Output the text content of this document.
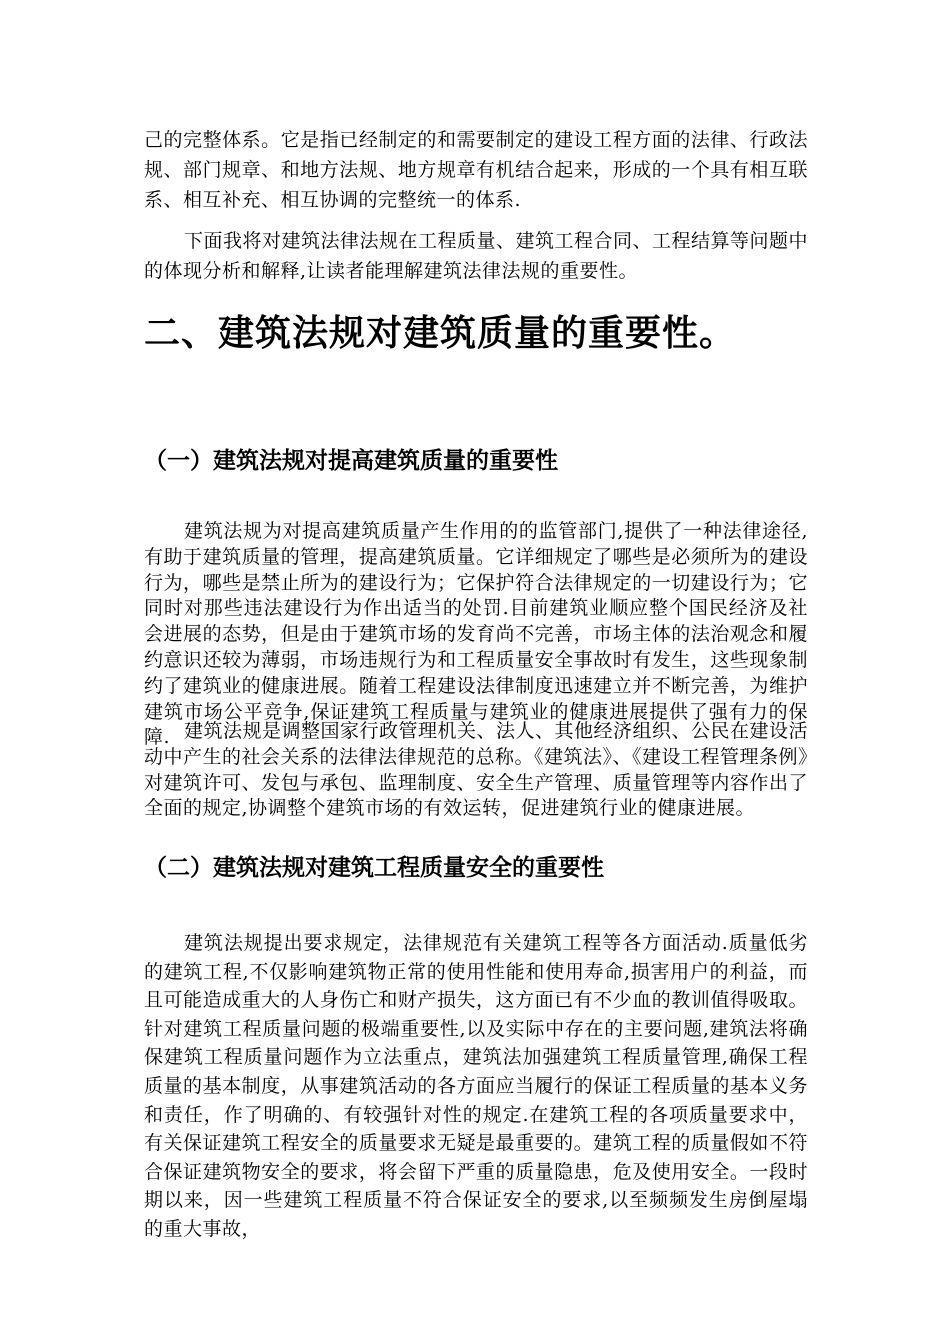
己的完整体系。它是指已经制定的和需要制定的建设工程方面的法律、行政法规、部门规章、和地方法规、地方规章有机结合起来，形成的一个具有相互联系、相互补充、相互协调的完整统一的体系.

下面我将对建筑法律法规在工程质量、建筑工程合同、工程结算等问题中的体现分析和解释,让读者能理解建筑法律法规的重要性。

二、建筑法规对建筑质量的重要性。
（一）建筑法规对提高建筑质量的重要性

建筑法规为对提高建筑质量产生作用的的监管部门,提供了一种法律途径,有助于建筑质量的管理，提高建筑质量。它详细规定了哪些是必须所为的建设行为，哪些是禁止所为的建设行为；它保护符合法律规定的一切建设行为；它同时对那些违法建设行为作出适当的处罚.目前建筑业顺应整个国民经济及社会进展的态势，但是由于建筑市场的发育尚不完善，市场主体的法治观念和履约意识还较为薄弱，市场违规行为和工程质量安全事故时有发生，这些现象制约了建筑业的健康进展。随着工程建设法律制度迅速建立并不断完善，为维护建筑市场公平竞争,保证建筑工程质量与建筑业的健康进展提供了强有力的保障. 建筑法规是调整国家行政管理机关、法人、其他经济组织、公民在建设活动中产生的社会关系的法律法律规范的总称。《建筑法》、《建设工程管理条例》对建筑许可、发包与承包、监理制度、安全生产管理、质量管理等内容作出了全面的规定,协调整个建筑市场的有效运转，促进建筑行业的健康进展。

（二）建筑法规对建筑工程质量安全的重要性

建筑法规提出要求规定，法律规范有关建筑工程等各方面活动.质量低劣的建筑工程,不仅影响建筑物正常的使用性能和使用寿命,损害用户的利益，而且可能造成重大的人身伤亡和财产损失，这方面已有不少血的教训值得吸取。针对建筑工程质量问题的极端重要性,以及实际中存在的主要问题,建筑法将确保建筑工程质量问题作为立法重点，建筑法加强建筑工程质量管理,确保工程质量的基本制度，从事建筑活动的各方面应当履行的保证工程质量的基本义务和责任，作了明确的、有较强针对性的规定.在建筑工程的各项质量要求中，有关保证建筑工程安全的质量要求无疑是最重要的。建筑工程的质量假如不符合保证建筑物安全的要求，将会留下严重的质量隐患，危及使用安全。一段时期以来，因一些建筑工程质量不符合保证安全的要求,以至频频发生房倒屋塌的重大事故，
